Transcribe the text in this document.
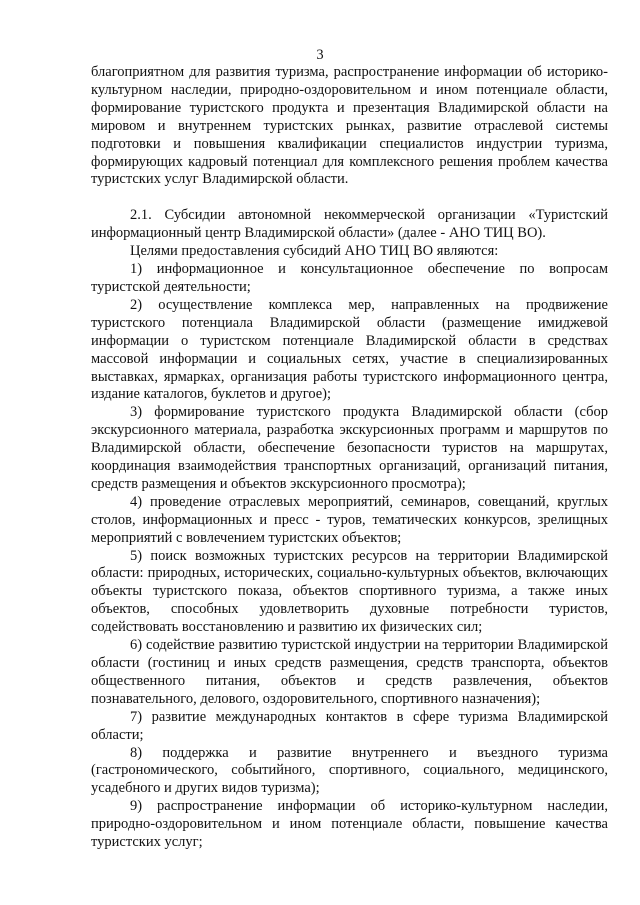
3

благоприятном для развития туризма, распространение информации об историко-культурном наследии, природно-оздоровительном и ином потенциале области, формирование туристского продукта и презентация Владимирской области на мировом и внутреннем туристских рынках, развитие отраслевой системы подготовки и повышения квалификации специалистов индустрии туризма, формирующих кадровый потенциал для комплексного решения проблем качества туристских услуг Владимирской области.

2.1. Субсидии автономной некоммерческой организации «Туристский информационный центр Владимирской области» (далее - АНО ТИЦ ВО).

Целями предоставления субсидий АНО ТИЦ ВО являются:

1) информационное и консультационное обеспечение по вопросам туристской деятельности;

2) осуществление комплекса мер, направленных на продвижение туристского потенциала Владимирской области (размещение имиджевой информации о туристском потенциале Владимирской области в средствах массовой информации и социальных сетях, участие в специализированных выставках, ярмарках, организация работы туристского информационного центра, издание каталогов, буклетов и другое);

3) формирование туристского продукта Владимирской области (сбор экскурсионного материала, разработка экскурсионных программ и маршрутов по Владимирской области, обеспечение безопасности туристов на маршрутах, координация взаимодействия транспортных организаций, организаций питания, средств размещения и объектов экскурсионного просмотра);

4) проведение отраслевых мероприятий, семинаров, совещаний, круглых столов, информационных и пресс - туров, тематических конкурсов, зрелищных мероприятий с вовлечением туристских объектов;

5) поиск возможных туристских ресурсов на территории Владимирской области: природных, исторических, социально-культурных объектов, включающих объекты туристского показа, объектов спортивного туризма, а также иных объектов, способных удовлетворить духовные потребности туристов, содействовать восстановлению и развитию их физических сил;

6) содействие развитию туристской индустрии на территории Владимирской области (гостиниц и иных средств размещения, средств транспорта, объектов общественного питания, объектов и средств развлечения, объектов познавательного, делового, оздоровительного, спортивного назначения);

7) развитие международных контактов в сфере туризма Владимирской области;

8) поддержка и развитие внутреннего и въездного туризма (гастрономического, событийного, спортивного, социального, медицинского, усадебного и других видов туризма);

9) распространение информации об историко-культурном наследии, природно-оздоровительном и ином потенциале области, повышение качества туристских услуг;
